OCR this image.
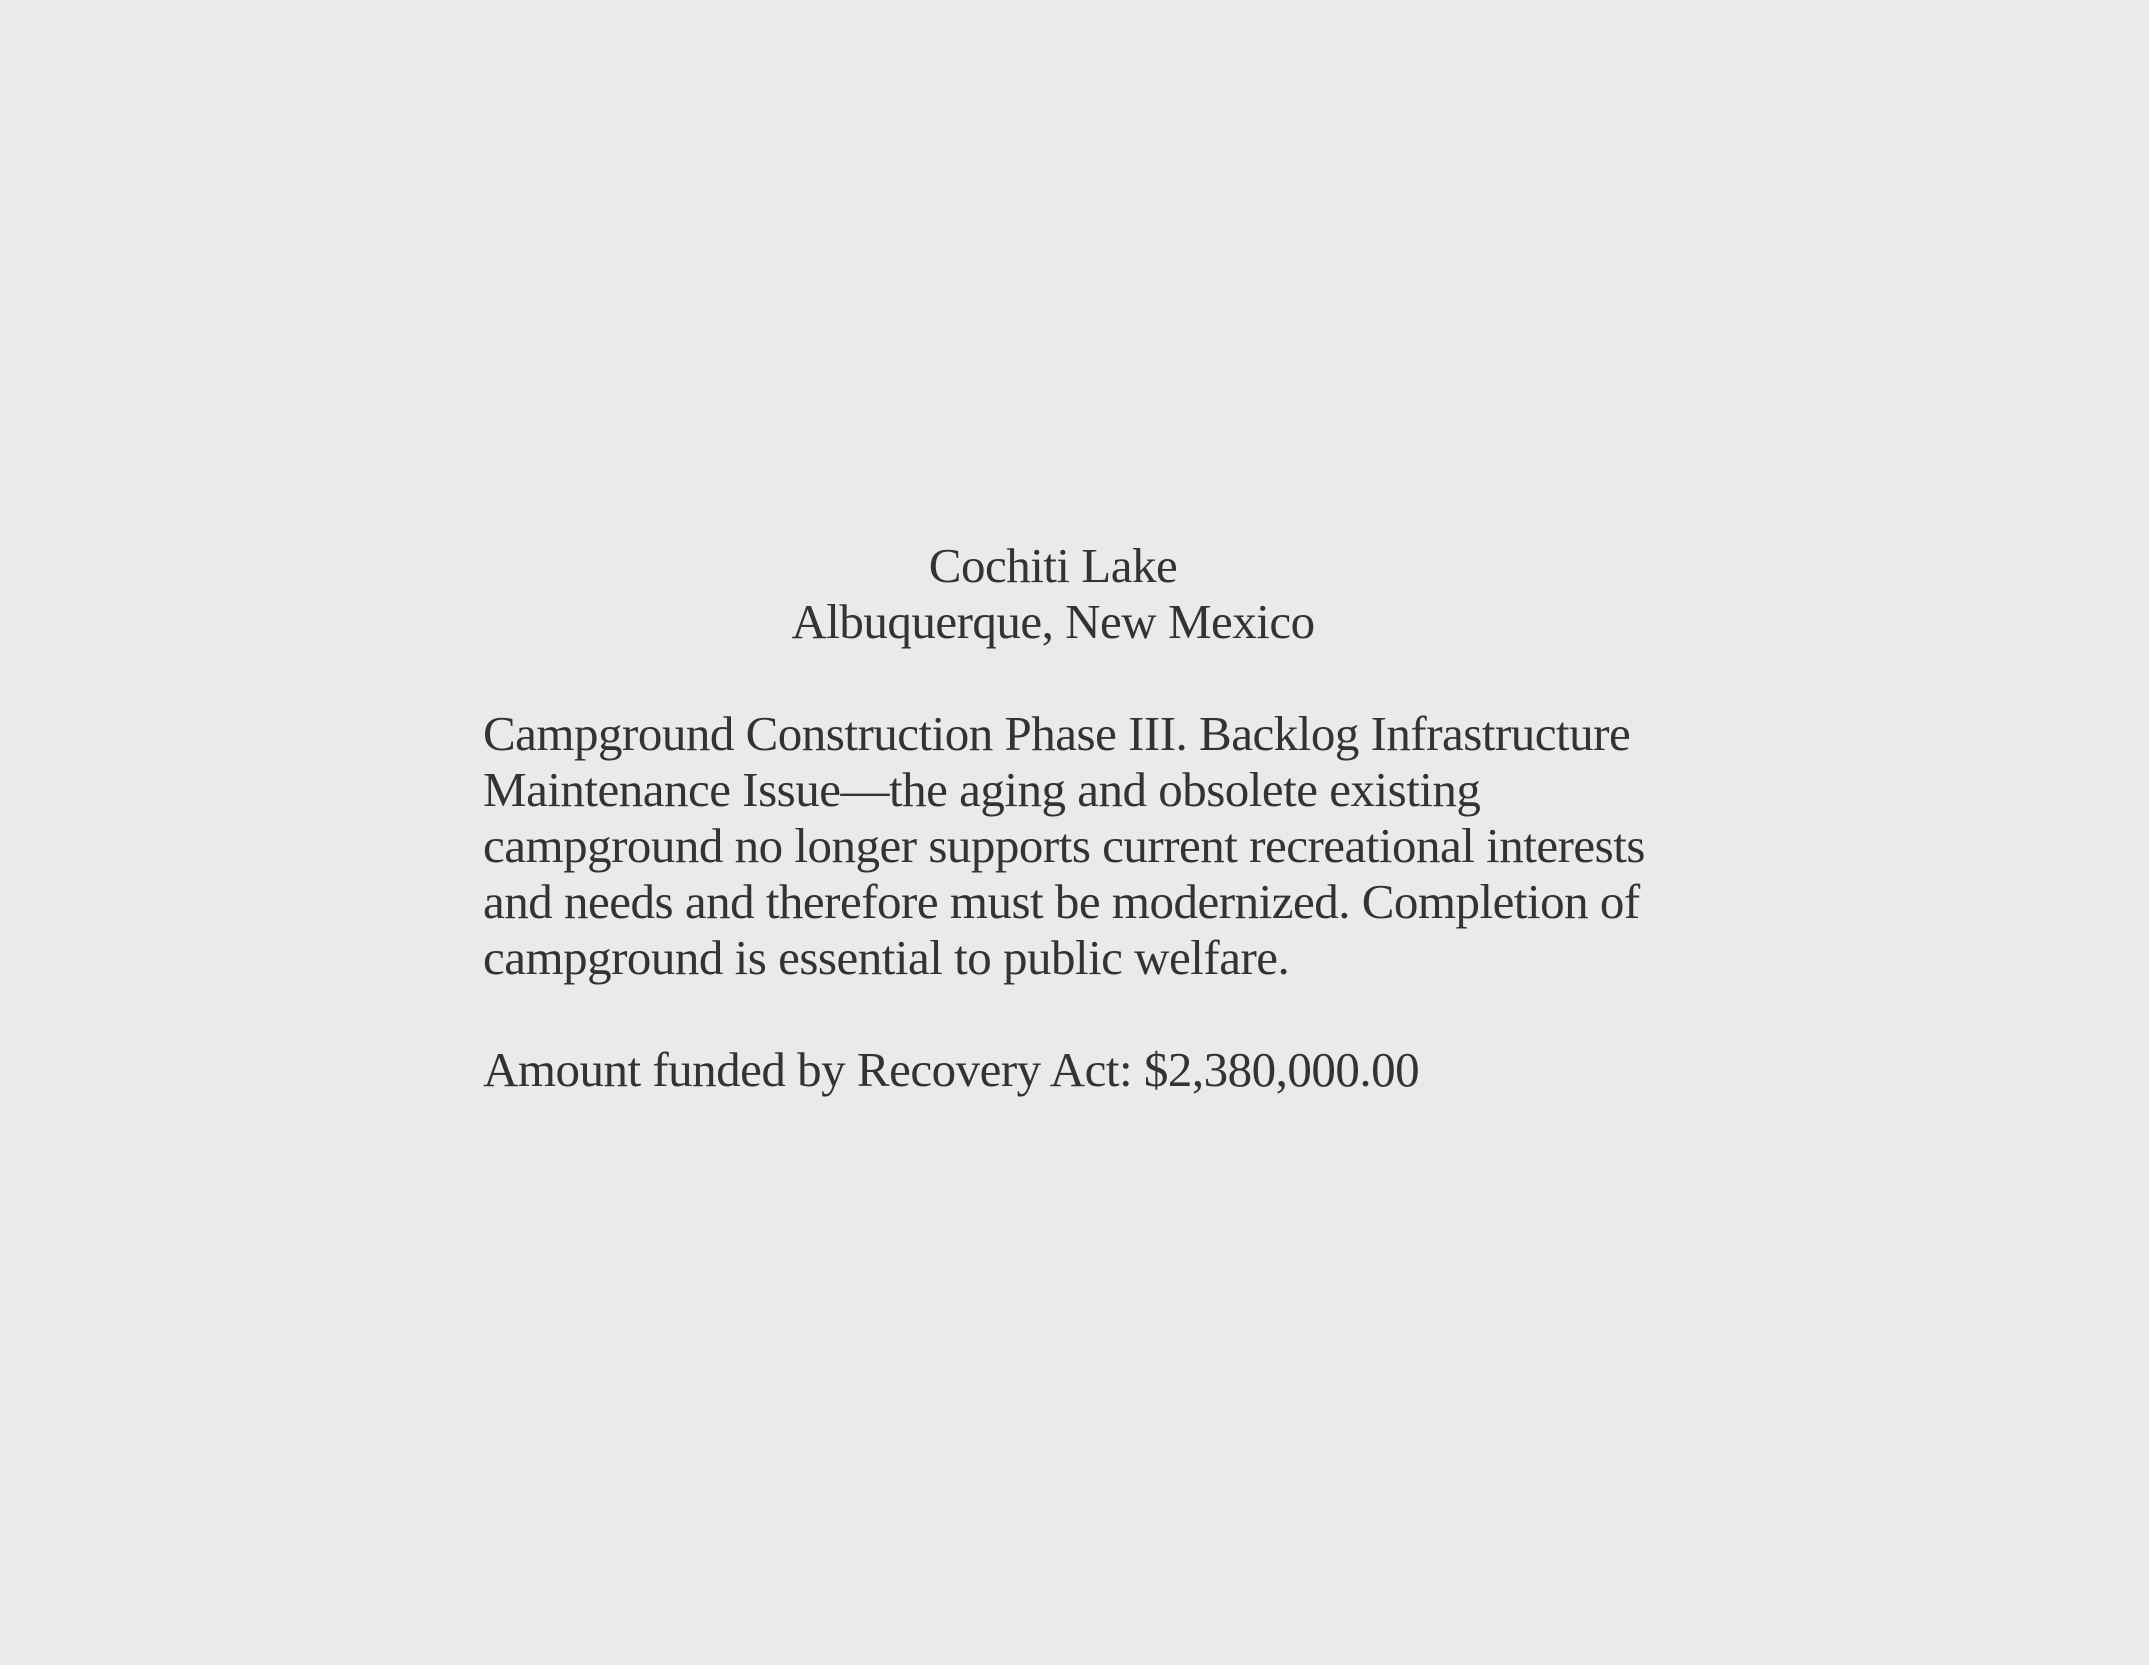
Cochiti Lake
Albuquerque, New Mexico
Campground Construction Phase III. Backlog Infrastructure Maintenance Issue—the aging and obsolete existing campground no longer supports current recreational interests and needs and therefore must be modernized. Completion of campground is essential to public welfare.
Amount funded by Recovery Act: $2,380,000.00
